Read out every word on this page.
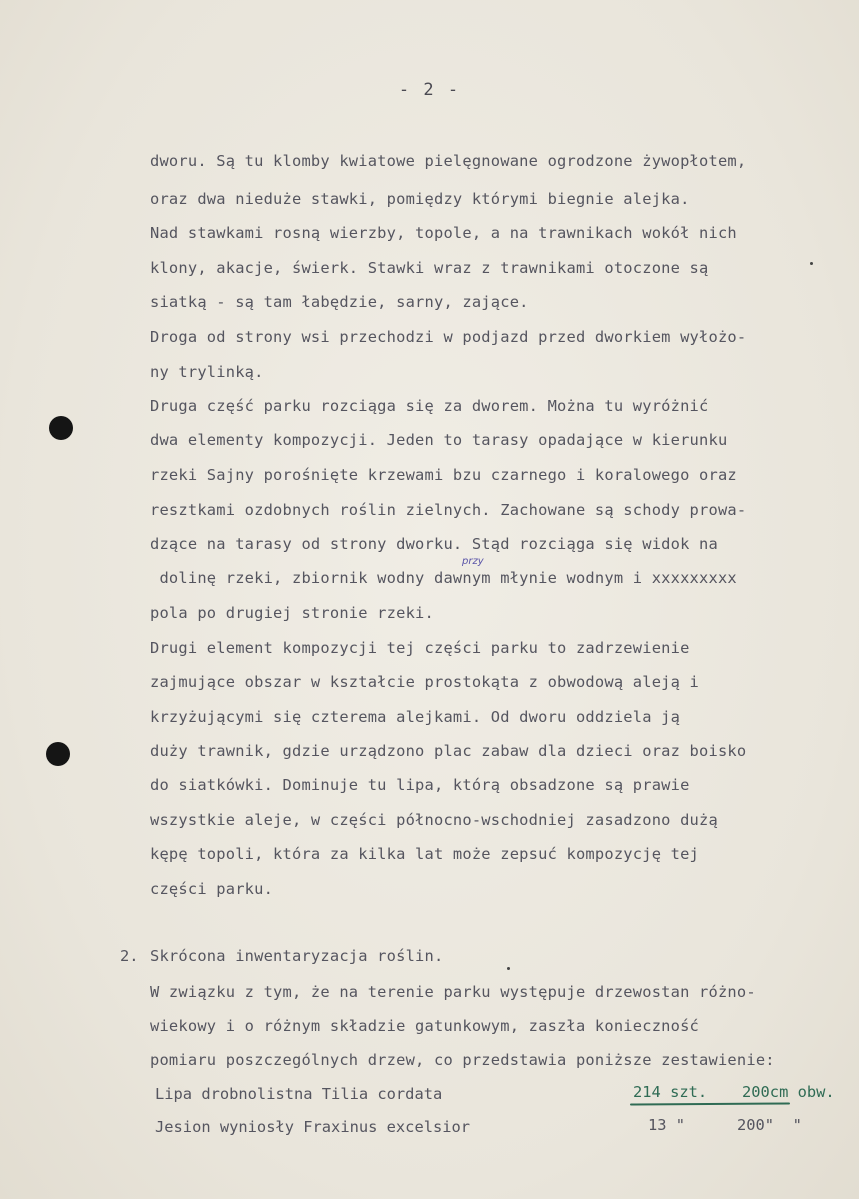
- 2 -
dworu. Są tu klomby kwiatowe pielęgnowane ogrodzone żywopłotem,
oraz dwa nieduże stawki, pomiędzy którymi biegnie alejka.
Nad stawkami rosną wierzby, topole, a na trawnikach wokół nich
klony, akacje, świerk. Stawki wraz z trawnikami otoczone są
siatką - są tam łabędzie, sarny, zające.
Droga od strony wsi przechodzi w podjazd przed dworkiem wyłożo-
ny trylinką.
Druga część parku rozciąga się za dworem. Można tu wyróżnić
dwa elementy kompozycji. Jeden to tarasy opadające w kierunku
rzeki Sajny porośnięte krzewami bzu czarnego i koralowego oraz
resztkami ozdobnych roślin zielnych. Zachowane są schody prowa-
dzące na tarasy od strony dworku. Stąd rozciąga się widok na
dolinę rzeki, zbiornik wodny dawnym młynie wodnym i xxxxxxxxx
pola po drugiej stronie rzeki.
Drugi element kompozycji tej części parku to zadrzewienie
zajmujące obszar w kształcie prostokąta z obwodową aleją i
krzyżującymi się czterema alejkami. Od dworu oddziela ją
duży trawnik, gdzie urządzono plac zabaw dla dzieci oraz boisko
do siatkówki. Dominuje tu lipa, którą obsadzone są prawie
wszystkie aleje, w części północno-wschodniej zasadzono dużą
kępę topoli, która za kilka lat może zepsuć kompozycję tej
części parku.
przy
2. Skrócona inwentaryzacja roślin.
W związku z tym, że na terenie parku występuje drzewostan różno-
wiekowy i o różnym składzie gatunkowym, zaszła konieczność
pomiaru poszczególnych drzew, co przedstawia poniższe zestawienie:
Lipa drobnolistna Tilia cordata	214 szt. 200cm obw.
Jesion wyniosły Fraxinus excelsior	13 "	200"  "
